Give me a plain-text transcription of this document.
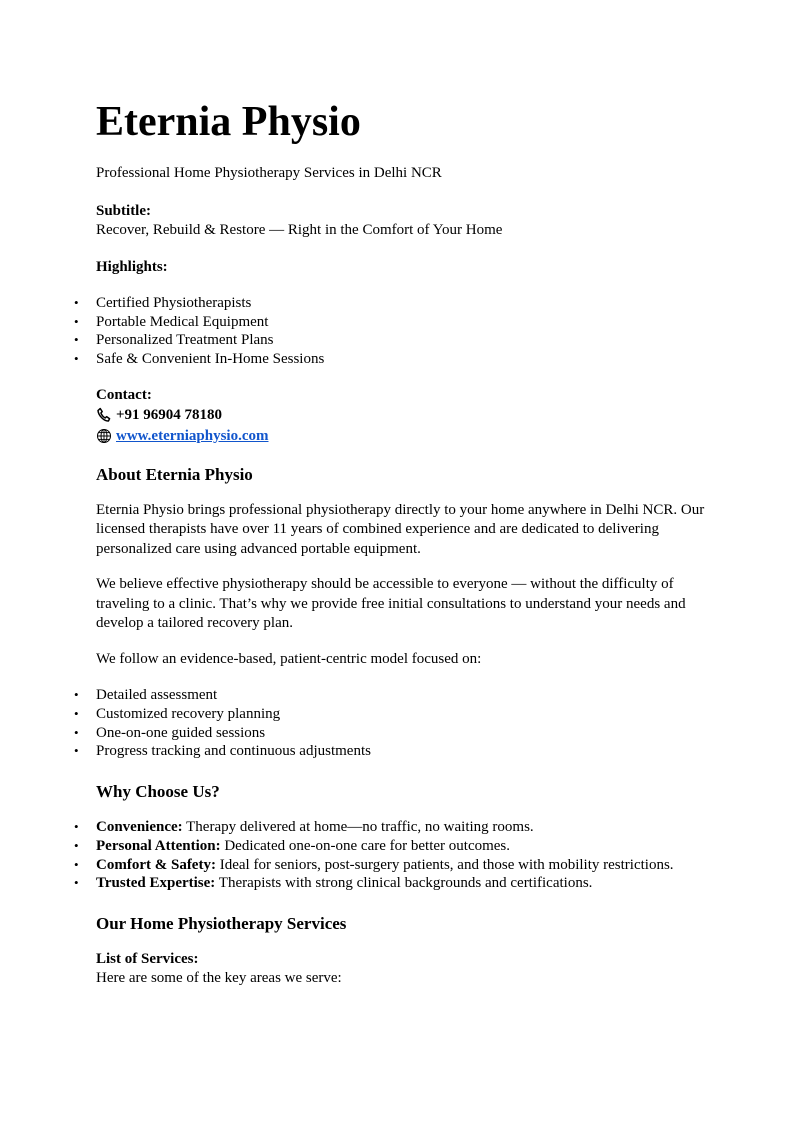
Eternia Physio

Professional Home Physiotherapy Services in Delhi NCR

Subtitle:

Recover, Rebuild & Restore — Right in the Comfort of Your Home

Highlights:

• Certified Physiotherapists
• Portable Medical Equipment
• Personalized Treatment Plans
• Safe & Convenient In-Home Sessions

Contact:

+91 96904 78180
www.eterniaphysio.com
About Eternia Physio

Eternia Physio brings professional physiotherapy directly to your home anywhere in Delhi NCR. Our licensed therapists have over 11 years of combined experience and are dedicated to delivering personalized care using advanced portable equipment.

We believe effective physiotherapy should be accessible to everyone — without the difficulty of traveling to a clinic. That’s why we provide free initial consultations to understand your needs and develop a tailored recovery plan.

We follow an evidence-based, patient-centric model focused on:

• Detailed assessment
• Customized recovery planning
• One-on-one guided sessions
• Progress tracking and continuous adjustments
Why Choose Us?
• Convenience: Therapy delivered at home—no traffic, no waiting rooms.
• Personal Attention: Dedicated one-on-one care for better outcomes.
• Comfort & Safety: Ideal for seniors, post-surgery patients, and those with mobility restrictions.
• Trusted Expertise: Therapists with strong clinical backgrounds and certifications.
Our Home Physiotherapy Services

List of Services:

Here are some of the key areas we serve:
